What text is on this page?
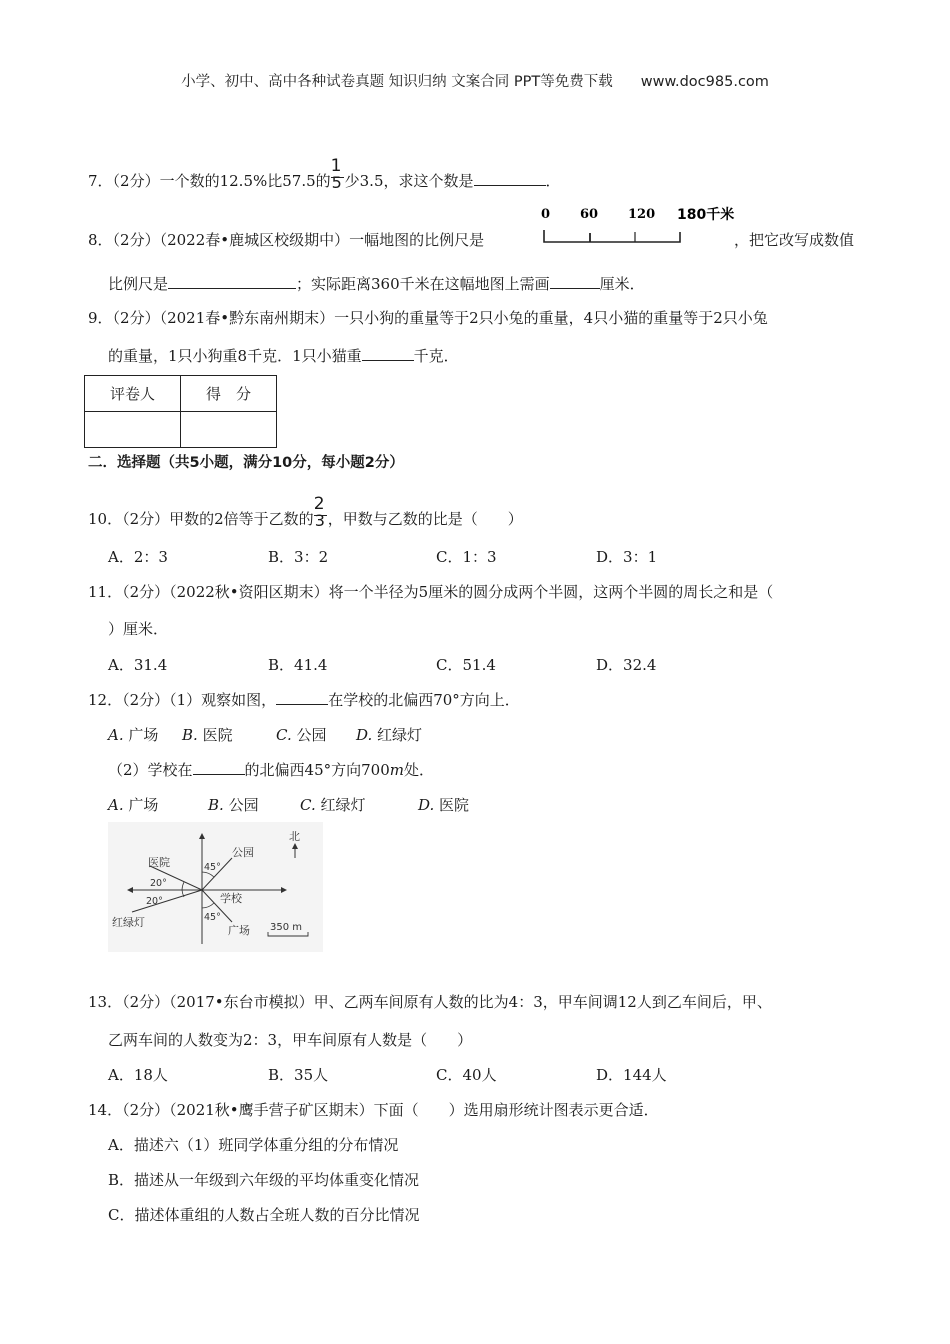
小学、初中、高中各种试卷真题 知识归纳 文案合同 PPT等免费下载 www.doc985.com
7．（2分）一个数的12.5%比57.5的 $\frac{1}{5}$ 少3.5，求这个数是	．
8．（2分）（2022春•鹿城区校级期中）一幅地图的比例尺是
0 60 120 180千米
，把它改写成数值
比例尺是	；实际距离360千米在这幅地图上需画	厘米．
9．（2分）（2021春•黔东南州期末）一只小狗的重量等于2只小兔的重量，4只小猫的重量等于2只小兔
的重量，1只小狗重8千克．1只小猫重	千克．
评卷人	得　分

二．选择题（共5小题，满分10分，每小题2分）
10．（2分）甲数的2倍等于乙数的 $\frac{2}{3}$ ，甲数与乙数的比是（　　）
A．2：3	B．3：2	C．1：3	D．3：1
11．（2分）（2022秋•资阳区期末）将一个半径为5厘米的圆分成两个半圆，这两个半圆的周长之和是（
）厘米．
A．31.4	B．41.4	C．51.4	D．32.4
12．（2分）（1）观察如图，	在学校的北偏西70°方向上．
A. 广场 B. 医院	C. 公园 D. 红绿灯
（2）学校在	的北偏西45°方向700m处．
A. 广场	B. 公园	C. 红绿灯	D. 医院
北
公园
医院
学校
广场
红绿灯
45°
20°
20°
45°
350 m
13．（2分）（2017•东台市模拟）甲、乙两车间原有人数的比为4：3，甲车间调12人到乙车间后，甲、
乙两车间的人数变为2：3，甲车间原有人数是（　　）
A．18人	B．35人	C．40人	D．144人
14．（2分）（2021秋•鹰手营子矿区期末）下面（　　）选用扇形统计图表示更合适．
A．描述六（1）班同学体重分组的分布情况
B．描述从一年级到六年级的平均体重变化情况
C．描述体重组的人数占全班人数的百分比情况
